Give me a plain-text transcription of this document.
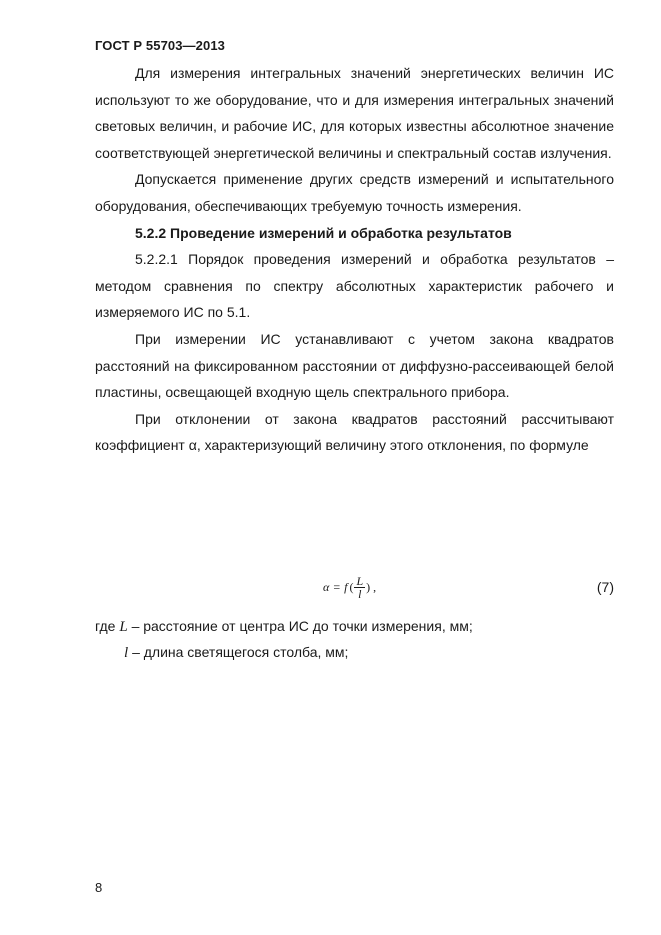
ГОСТ Р 55703—2013

Для измерения интегральных значений энергетических величин ИС используют то же оборудование, что и для измерения интегральных значений световых величин, и рабочие ИС, для которых известны абсолютное значение соответствующей энергетической величины и спектральный состав излучения.

Допускается применение других средств измерений и испытательного оборудования, обеспечивающих требуемую точность измерения.

5.2.2 Проведение измерений и обработка результатов

5.2.2.1 Порядок проведения измерений и обработка результатов – методом сравнения по спектру абсолютных характеристик рабочего и измеряемого ИС по 5.1.

При измерении ИС устанавливают с учетом закона квадратов расстояний на фиксированном расстоянии от диффузно-рассеивающей белой пластины, освещающей входную щель спектрального прибора.

При отклонении от закона квадратов расстояний рассчитывают коэффициент α, характеризующий величину этого отклонения, по формуле

α = f ( $\frac{L}{l}$ ) ,	(7)
где L – расстояние от центра ИС до точки измерения, мм;
l – длина светящегося столба, мм;
8
